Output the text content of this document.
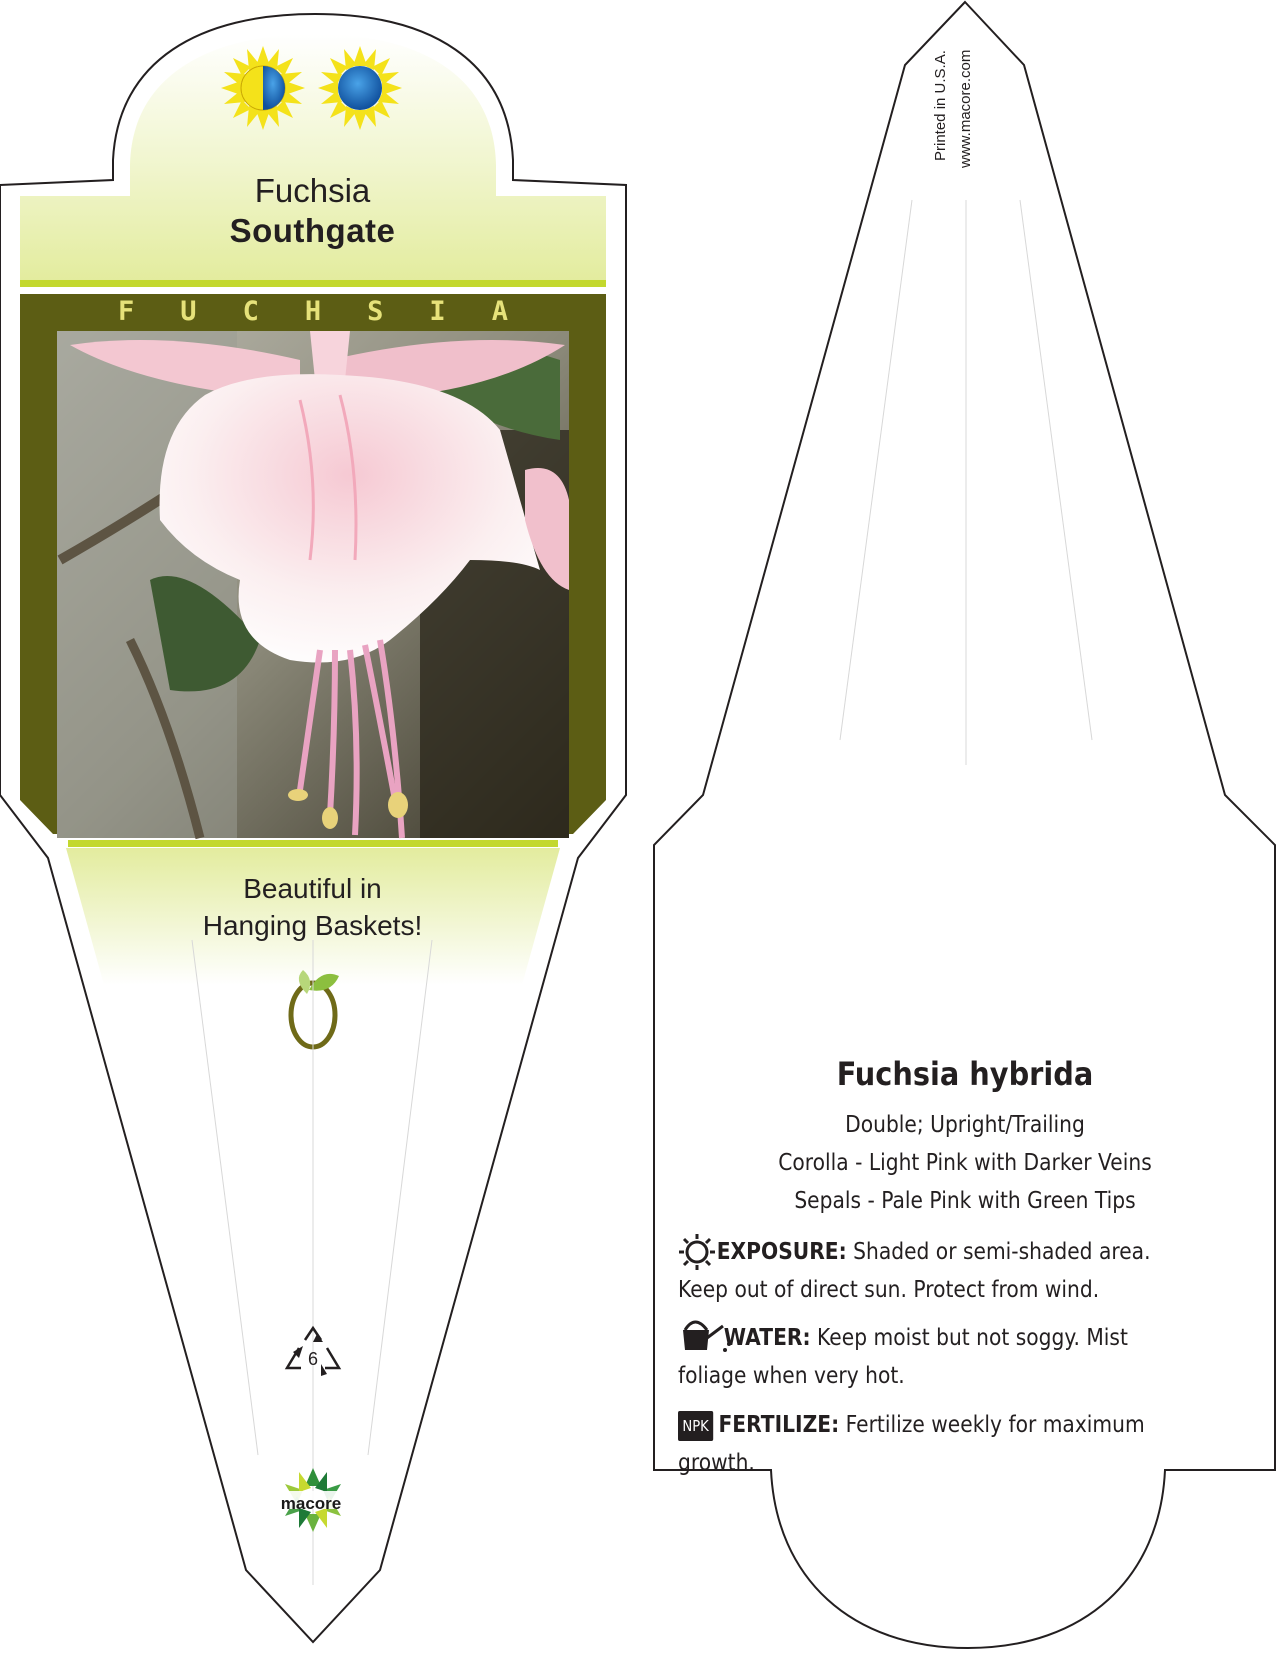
Fuchsia
Southgate
F U C H S I A
Beautiful in
Hanging Baskets!
6
macore
Printed in U.S.A. www.macore.com
Fuchsia hybrida
Double; Upright/Trailing
Corolla - Light Pink with Darker Veins
Sepals - Pale Pink with Green Tips
EXPOSURE: Shaded or semi-shaded area. Keep out of direct sun. Protect from wind.
WATER: Keep moist but not soggy. Mist foliage when very hot.
NPK FERTILIZE: Fertilize weekly for maximum growth.
